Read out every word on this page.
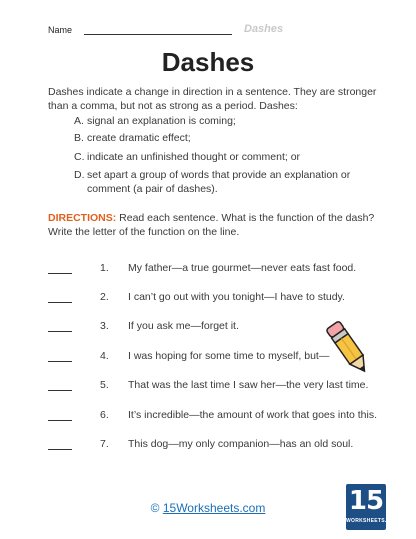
Name	Dashes
Dashes
Dashes indicate a change in direction in a sentence. They are stronger than a comma, but not as strong as a period. Dashes:
A. signal an explanation is coming;
B. create dramatic effect;
C. indicate an unfinished thought or comment; or
D. set apart a group of words that provide an explanation or comment (a pair of dashes).
DIRECTIONS: Read each sentence. What is the function of the dash? Write the letter of the function on the line.
1. My father—a true gourmet—never eats fast food.
2. I can’t go out with you tonight—I have to study.
3. If you ask me—forget it.
4. I was hoping for some time to myself, but—
5. That was the last time I saw her—the very last time.
6. It’s incredible—the amount of work that goes into this.
7. This dog—my only companion—has an old soul.
© 15Worksheets.com	15
WORKSHEETS.COM
